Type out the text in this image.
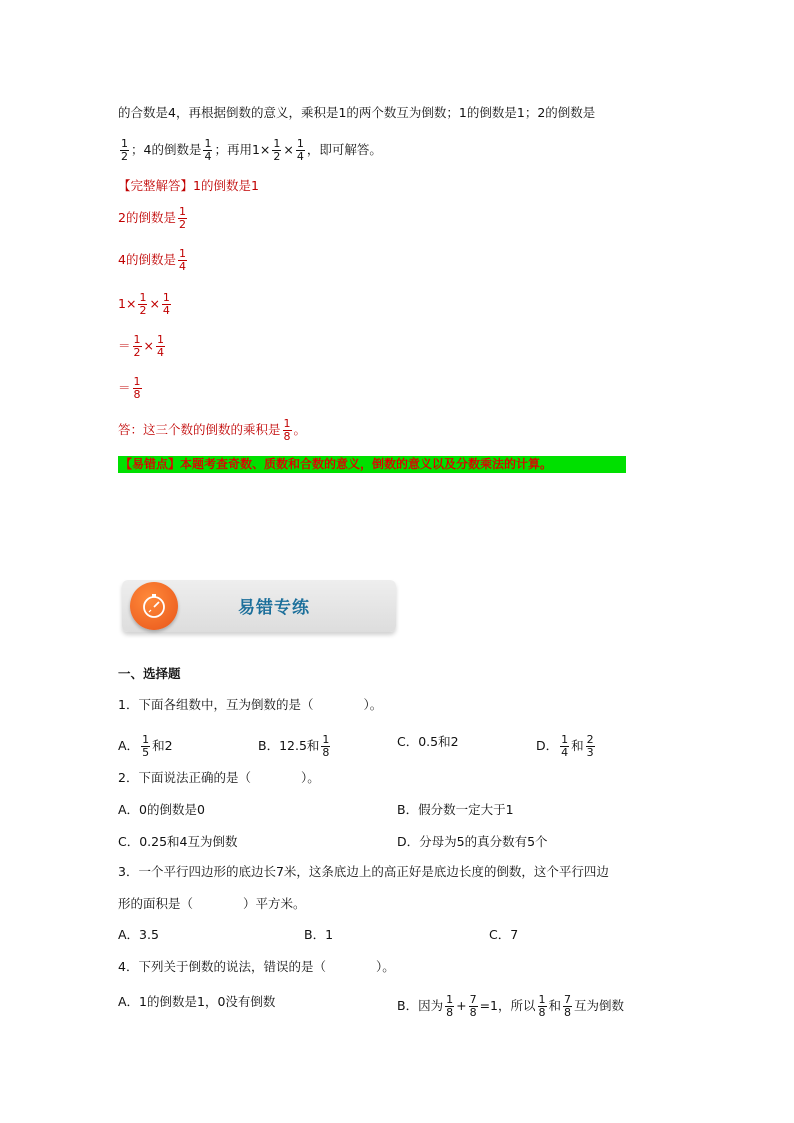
的合数是4，再根据倒数的意义，乘积是1的两个数互为倒数；1的倒数是1；2的倒数是
$\frac{1}{2}$ ；4的倒数是 $\frac{1}{4}$ ；再用$1\times \frac{1}{2} \times \frac{1}{4}$ ，即可解答。
【完整解答】1的倒数是1
2的倒数是 $\frac{1}{2}$
4的倒数是 $\frac{1}{4}$
$1\times \frac{1}{2} \times \frac{1}{4}$
＝ $\frac{1}{2} \times \frac{1}{4}$
＝ $\frac{1}{8}$
答：这三个数的倒数的乘积是 $\frac{1}{8}$ 。
【易错点】本题考查奇数、质数和合数的意义，倒数的意义以及分数乘法的计算。
易错专练
一、选择题
1．下面各组数中，互为倒数的是（　　　　）。
A． $\frac{1}{5}$ 和2	B．12.5和 $\frac{1}{8}$	C．0.5和2	D． $\frac{1}{4}$ 和 $\frac{2}{3}$
2．下面说法正确的是（　　　　）。
A．0的倒数是0	B．假分数一定大于1
C．0.25和4互为倒数	D．分母为5的真分数有5个
3．一个平行四边形的底边长7米，这条底边上的高正好是底边长度的倒数，这个平行四边
形的面积是（　　　　）平方米。
A．3.5	B．1	C．7
4．下列关于倒数的说法，错误的是（　　　　）。
A．1的倒数是1，0没有倒数	B．因为 $\frac{1}{8} + \frac{7}{8} =1$，所以 $\frac{1}{8}$ 和 $\frac{7}{8}$ 互为倒数
